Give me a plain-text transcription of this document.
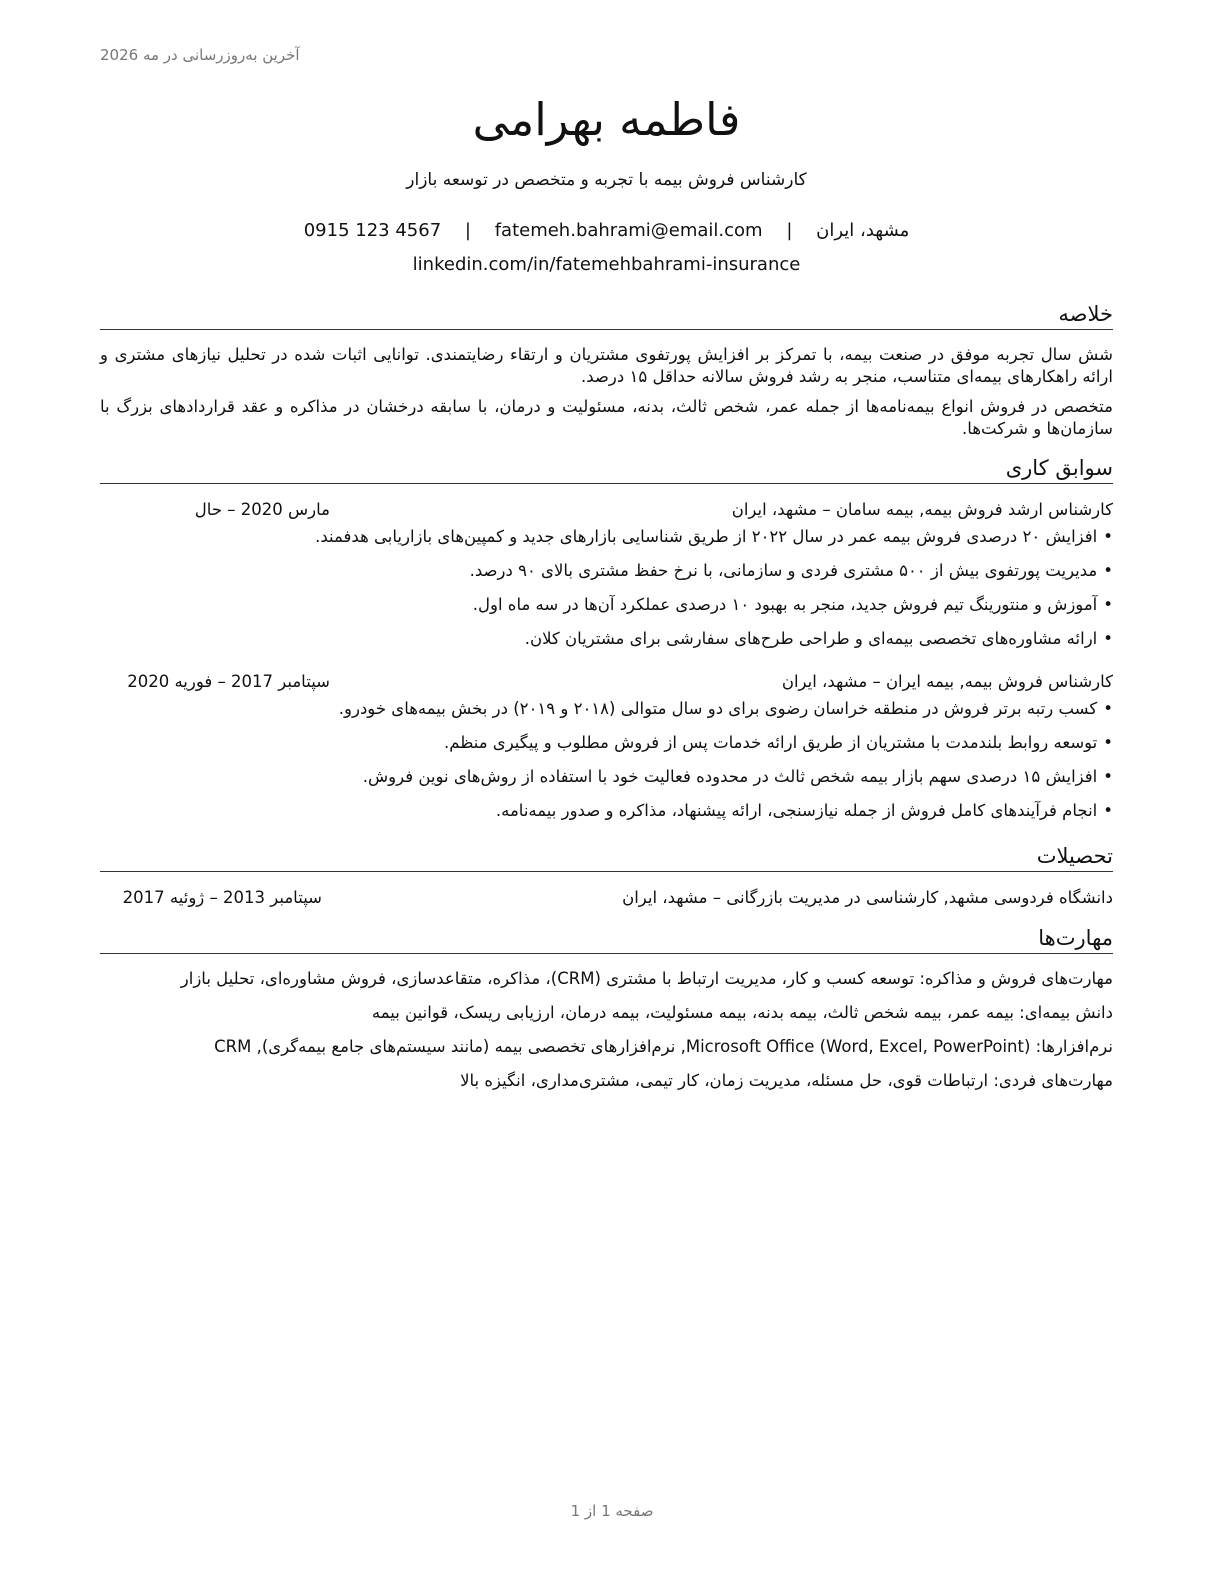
آخرین به‌روزرسانی در مه 2026
فاطمه بهرامی
کارشناس فروش بیمه با تجربه و متخصص در توسعه بازار
مشهد، ایران | fatemeh.bahrami@email.com | 0915 123 4567
linkedin.com/in/fatemehbahrami-insurance
خلاصه

شش سال تجربه موفق در صنعت بیمه، با تمرکز بر افزایش پورتفوی مشتریان و ارتقاء رضایتمندی. توانایی اثبات شده در تحلیل نیازهای مشتری و ارائه راهکارهای بیمه‌ای متناسب، منجر به رشد فروش سالانه حداقل ۱۵ درصد.

متخصص در فروش انواع بیمه‌نامه‌ها از جمله عمر، شخص ثالث، بدنه، مسئولیت و درمان، با سابقه درخشان در مذاکره و عقد قراردادهای بزرگ با سازمان‌ها و شرکت‌ها.

سوابق کاری
کارشناس ارشد فروش بیمه, بیمه سامان – مشهد، ایران
مارس 2020 – حال
• افزایش ۲۰ درصدی فروش بیمه عمر در سال ۲۰۲۲ از طریق شناسایی بازارهای جدید و کمپین‌های بازاریابی هدفمند.
• مدیریت پورتفوی بیش از ۵۰۰ مشتری فردی و سازمانی، با نرخ حفظ مشتری بالای ۹۰ درصد.
• آموزش و منتورینگ تیم فروش جدید، منجر به بهبود ۱۰ درصدی عملکرد آن‌ها در سه ماه اول.
• ارائه مشاوره‌های تخصصی بیمه‌ای و طراحی طرح‌های سفارشی برای مشتریان کلان.
کارشناس فروش بیمه, بیمه ایران – مشهد، ایران
سپتامبر 2017 – فوریه 2020
• کسب رتبه برتر فروش در منطقه خراسان رضوی برای دو سال متوالی (۲۰۱۸ و ۲۰۱۹) در بخش بیمه‌های خودرو.
• توسعه روابط بلندمدت با مشتریان از طریق ارائه خدمات پس از فروش مطلوب و پیگیری منظم.
• افزایش ۱۵ درصدی سهم بازار بیمه شخص ثالث در محدوده فعالیت خود با استفاده از روش‌های نوین فروش.
• انجام فرآیندهای کامل فروش از جمله نیازسنجی، ارائه پیشنهاد، مذاکره و صدور بیمه‌نامه.
تحصیلات
دانشگاه فردوسی مشهد, کارشناسی در مدیریت بازرگانی – مشهد، ایران
سپتامبر 2013 – ژوئیه 2017
مهارت‌ها
مهارت‌های فروش و مذاکره: توسعه کسب و کار، مدیریت ارتباط با مشتری (CRM)، مذاکره، متقاعدسازی، فروش مشاوره‌ای، تحلیل بازار
دانش بیمه‌ای: بیمه عمر، بیمه شخص ثالث، بیمه بدنه، بیمه مسئولیت، بیمه درمان، ارزیابی ریسک، قوانین بیمه
نرم‌افزارها: Microsoft Office (Word, Excel, PowerPoint), نرم‌افزارهای تخصصی بیمه (مانند سیستم‌های جامع بیمه‌گری), CRM
مهارت‌های فردی: ارتباطات قوی، حل مسئله، مدیریت زمان، کار تیمی، مشتری‌مداری، انگیزه بالا
صفحه 1 از 1
